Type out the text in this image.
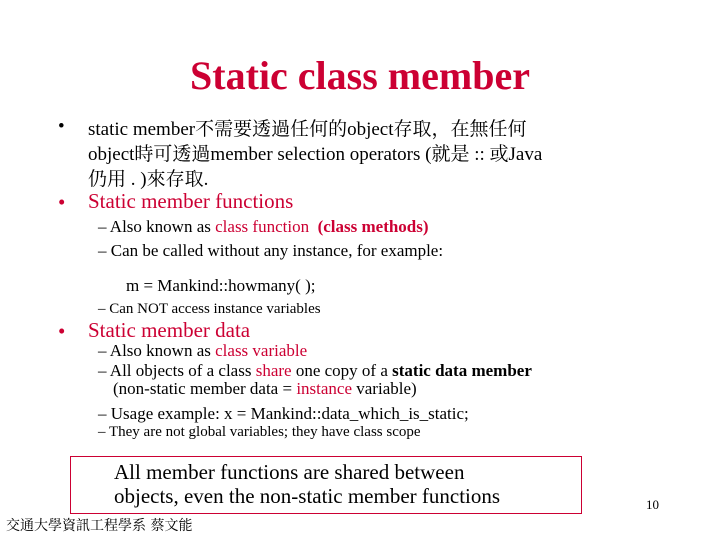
Static class member
• static member不需要透過任何的object存取，在無任何
object時可透過member selection operators (就是 :: 或Java
仍用 . )來存取.
• Static member functions
– Also known as class function (class methods)
– Can be called without any instance, for example:
m = Mankind::howmany( );
– Can NOT access instance variables
• Static member data
– Also known as class variable
– All objects of a class share one copy of a static data member
(non-static member data = instance variable)
– Usage example: x = Mankind::data_which_is_static;
– They are not global variables; they have class scope
All member functions are shared between
objects, even the non-static member functions
交通大學資訊工程學系 蔡文能
10
